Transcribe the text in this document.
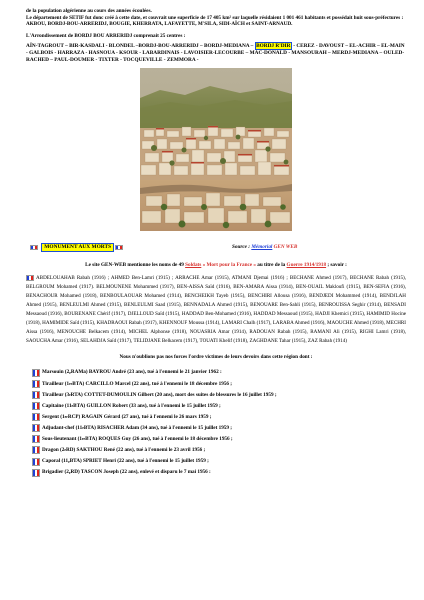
de la population algérienne au cours des années écoulées.

Le département de SETIF fut donc créé à cette date, et couvrait une superficie de 17 405 km² sur laquelle résidaient 1 001 461 habitants et possédait huit sous-préfectures : AKBOU, BORDJ-BOU-ARRERIDJ, BOUGIE, KHERRATA, LAFAYETTE, M'SILA, SIDI-AÏCH et SAINT-ARNAUD.

L'Arrondissement de BORDJ BOU ARRERIDJ comprenait 25 centres :

AÏN-TAGROUT – BIR-KASDALI - BLONDEL –BORDJ-BOU-ARRERIDJ – BORDJ-MEDIANA – BORDJ R'DIR - CEREZ - DAVOUST – EL-ACHIR – EL-MAIN - GALBOIS - HARRAZA - HASNOUA - KSOUR - LABARDINAIS - LAVOISIER-LECOURBE – MAC-DONALD - MANSOURAH – MERDJ-MEDIANA – OULED-RACHED – PAUL-DOUMER - TIXTER - TOCQUEVILLE - ZEMMORA -

MONUMENT AUX MORTS	Source : Mémorial GEN WEB

Le site GEN-WEB mentionne les noms de 49 Soldats « Mort pour la France » au titre de la Guerre 1914/1918 ; savoir :

ABDELOUAHAB Rabah (1916) ; AHMED Ben-Lamri (1915) ; ARRACHE Amar (1915), ATMANI Djemai (1916) ; BECHANE Ahmed (1917), BECHANE Rabah (1915), BELGROUM Mohamed (1917). BELMOUNENE Mohammed (1917), BEN-AISSA Saïd (1916), BEN-AMARA Aissa (1914), BEN-OUAIL Makloufi (1915), BEN-SEFIA (1916), BENACHOUR Mohamed (1918), BENBOULAOUAR Mohamed (1914), BENCHEIKH Tayeb (1915), BENCHIRI Allousa (1916), BENDJEDI Mohammed (1914), BENDJLAH Ahmed (1915), BENLEULMI Ahmed (1915), BENLEULMI Saad (1915), BENNADALA Ahmed (1915), BENOUARE Ben-Sahli (1915), BENROUISSA Seghir (1914), BENSADI Messaoud (1916), BOURENANE Chérif (1917), DJELLOUD Saïd (1915), HADDAD Ben-Mohamed (1916), HADDAD Messaoud (1915), HADJI Khemici (1915), HAMIMID Hocine (1918), HAMIMIDE Saïd (1915), KHADRAOUI Rabah (1917), KHENNOUF Moussa (1914), LAMARI Chalh (1917), LARABA Ahmed (1916), MAOUCHE Ahmed (1918), MECHRI Aissa (1916), MENOUCHE Belkacem (1914), MICHEL Alphonse (1918), NOUASRIA Amar (1914), RADOUAN Rabah (1915), RAMANI Ali (1915), RIGHI Lamri (1918), SAOUCHA Amar (1916), SELAHDJA Saïd (1917), TELIDJANE Belkacem (1917), TOUATI Khelif (1918), ZAGHDANE Tahar (1915), ZAZ Rabah (1914)

Nous n'oublions pas nos forces l'ordre victimes de leurs devoirs dans cette région dont :

Marsouin (2 e RAMa) BAYROU André (23 ans), tué à l'ennemi le 21 janvier 1962 :
Tirailleur (1 er BTA) CARCILLO Marcel (22 ans), tué à l'ennemi le 18 décembre 1956 ;
Tirailleur (3 e RTA) COTTET-DUMOULIN Gilbert (20 ans), mort des suites de blessures le 16 juillet 1959 ;
Capitaine (11 e BTA) GUILLON Robert (33 ans), tué à l'ennemi le 15 juillet 1959 ;
Sergent (1 er RCP) RAGAIN Gérard (27 ans), tué à l'ennemi le 26 mars 1959 ;
Adjudant-chef (11 e BTA) RISACHER Adam (34 ans), tué à l'ennemi le 15 juillet 1959 ;
Sous-lieutenant (1 er BTA) ROQUES Guy (26 ans), tué à l'ennemi le 18 décembre 1956 ;
Dragon (2 e RD) SAKTHOU René (22 ans), tué à l'ennemi le 23 avril 1956 ;
Caporal (11 e BTA) SPRIET Henri (22 ans), tué à l'ennemi le 15 juillet 1959 ;
Brigadier (2 e RD) TASCON Joseph (22 ans), enlevé et disparu le 7 mai 1956 :
